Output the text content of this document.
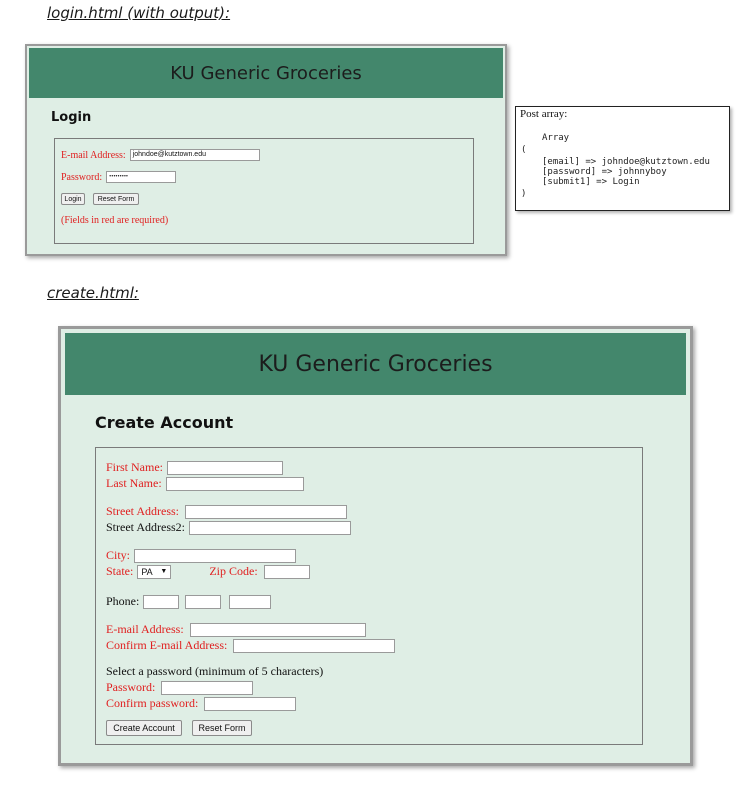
login.html (with output):
create.html:
KU Generic Groceries
Login
E-mail Address:	johndoe@kutztown.edu
Password:	•••••••••
Login	Reset Form
(Fields in red are required)
Post array:
Array
(
[email] => johndoe@kutztown.edu
[password] => johnnyboy
[submit1] => Login
)
KU Generic Groceries
Create Account
First Name:
Last Name:
Street Address:
Street Address2:
City:
State: PA ▼	Zip Code:
Phone:
E-mail Address:
Confirm E-mail Address:
Select a password (minimum of 5 characters)
Password:
Confirm password:
Create Account	Reset Form
